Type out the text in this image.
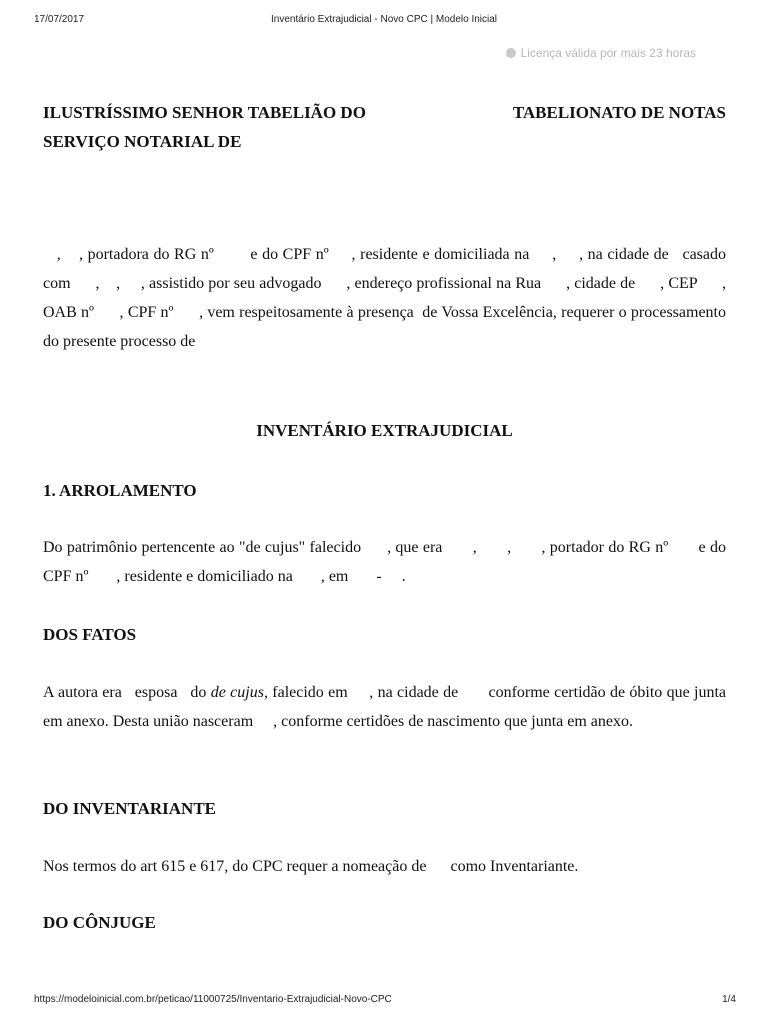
17/07/2017	Inventário Extrajudicial - Novo CPC | Modelo Inicial
Licença válida por mais 23 horas
ILUSTRÍSSIMO SENHOR TABELIÃO DO	TABELIONATO DE NOTAS
SERVIÇO NOTARIAL DE
,    , portadora do RG nº        e do CPF nº     , residente e domiciliada na     ,     , na cidade de   casado com      ,    ,     , assistido por seu advogado      , endereço profissional na Rua      , cidade de      , CEP      , OAB nº      , CPF nº      , vem respeitosamente à presença  de Vossa Excelência, requerer o processamento do presente processo de
INVENTÁRIO EXTRAJUDICIAL
1. ARROLAMENTO
Do patrimônio pertencente ao "de cujus" falecido      , que era       ,       ,       , portador do RG nº       e do CPF nº       , residente e domiciliado na       , em       -     .
DOS FATOS
A autora era   esposa   do de cujus, falecido em     , na cidade de       conforme certidão de óbito que junta em anexo. Desta união nasceram     , conforme certidões de nascimento que junta em anexo.
DO INVENTARIANTE
Nos termos do art 615 e 617, do CPC requer a nomeação de      como Inventariante.
DO CÔNJUGE
https://modeloinicial.com.br/peticao/11000725/Inventario-Extrajudicial-Novo-CPC	1/4
